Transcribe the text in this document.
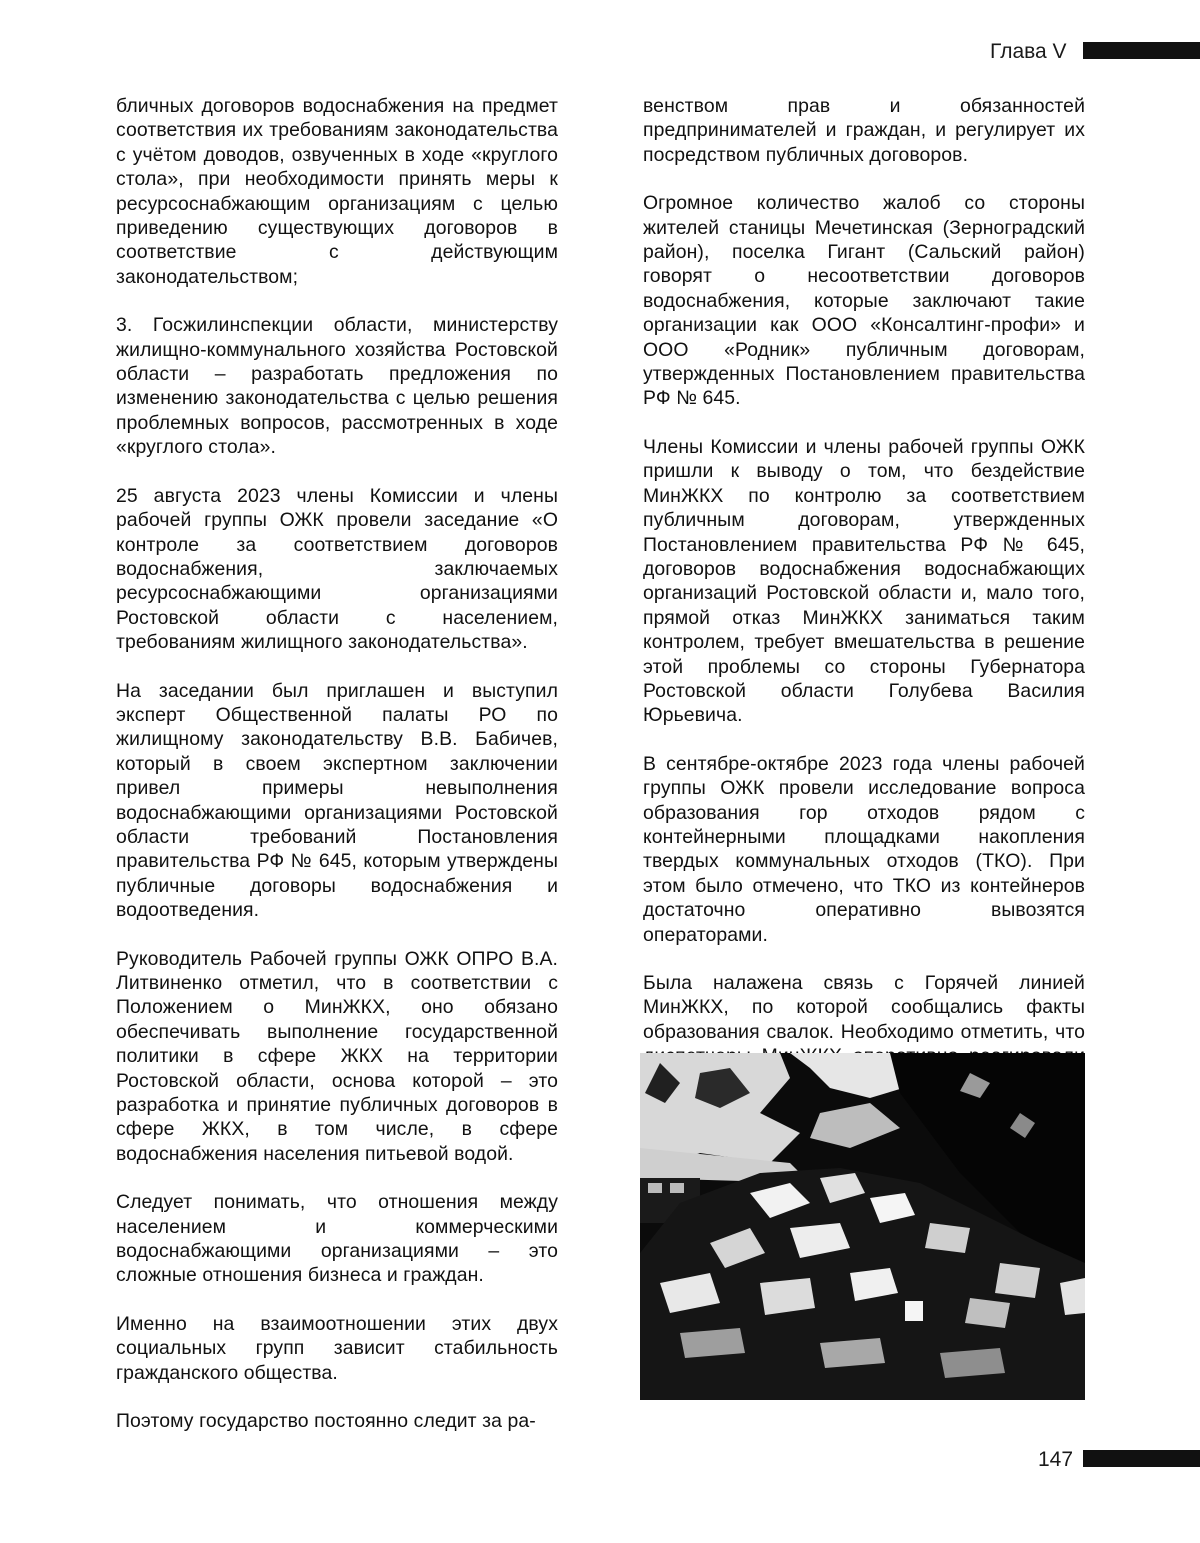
Глава V

бличных договоров водоснабжения на предмет соответствия их требованиям законодательства с учётом доводов, озвученных в ходе «круглого стола», при необходимости принять меры к ресурсоснабжающим организациям с целью приведению существующих договоров в соответствие с действующим законодательством;

3. Госжилинспекции области, министерству жилищно-коммунального хозяйства Ростовской области – разработать предложения по изменению законодательства с целью решения проблемных вопросов, рассмотренных в ходе «круглого стола».

25 августа 2023 члены Комиссии и члены рабочей группы ОЖК провели заседание «О контроле за соответствием договоров водоснабжения, заключаемых ресурсоснабжающими организациями Ростовской области с населением, требованиям жилищного законодательства».

На заседании был приглашен и выступил эксперт Общественной палаты РО по жилищному законодательству В.В. Бабичев, который в своем экспертном заключении привел примеры невыполнения водоснабжающими организациями Ростовской области требований Постановления правительства РФ № 645, которым утверждены публичные договоры водоснабжения и водоотведения.

Руководитель Рабочей группы ОЖК ОПРО В.А. Литвиненко отметил, что в соответствии с Положением о МинЖКХ, оно обязано обеспечивать выполнение государственной политики в сфере ЖКХ на территории Ростовской области, основа которой – это разработка и принятие публичных договоров в сфере ЖКХ, в том числе, в сфере водоснабжения населения питьевой водой.

Следует понимать, что отношения между населением и коммерческими водоснабжающими организациями – это сложные отношения бизнеса и граждан.

Именно на взаимоотношении этих двух социальных групп зависит стабильность гражданского общества.

Поэтому государство постоянно следит за ра-

венством прав и обязанностей предпринимателей и граждан, и регулирует их посредством публичных договоров.

Огромное количество жалоб со стороны жителей станицы Мечетинская (Зерноградский район), поселка Гигант (Сальский район) говорят о несоответствии договоров водоснабжения, которые заключают такие организации как ООО «Консалтинг-профи» и ООО «Родник» публичным договорам, утвержденных Постановлением правительства РФ № 645.

Члены Комиссии и члены рабочей группы ОЖК пришли к выводу о том, что бездействие МинЖКХ по контролю за соответствием публичным договорам, утвержденных Постановлением правительства РФ № 645, договоров водоснабжения водоснабжающих организаций Ростовской области и, мало того, прямой отказ МинЖКХ заниматься таким контролем, требует вмешательства в решение этой проблемы со стороны Губернатора Ростовской области Голубева Василия Юрьевича.

В сентябре-октябре 2023 года члены рабочей группы ОЖК провели исследование вопроса образования гор отходов рядом с контейнерными площадками накопления твердых коммунальных отходов (ТКО). При этом было отмечено, что ТКО из контейнеров достаточно оперативно вывозятся операторами.

Была налажена связь с Горячей линией МинЖКХ, по которой сообщались факты образования свалок. Необходимо отметить, что

147
